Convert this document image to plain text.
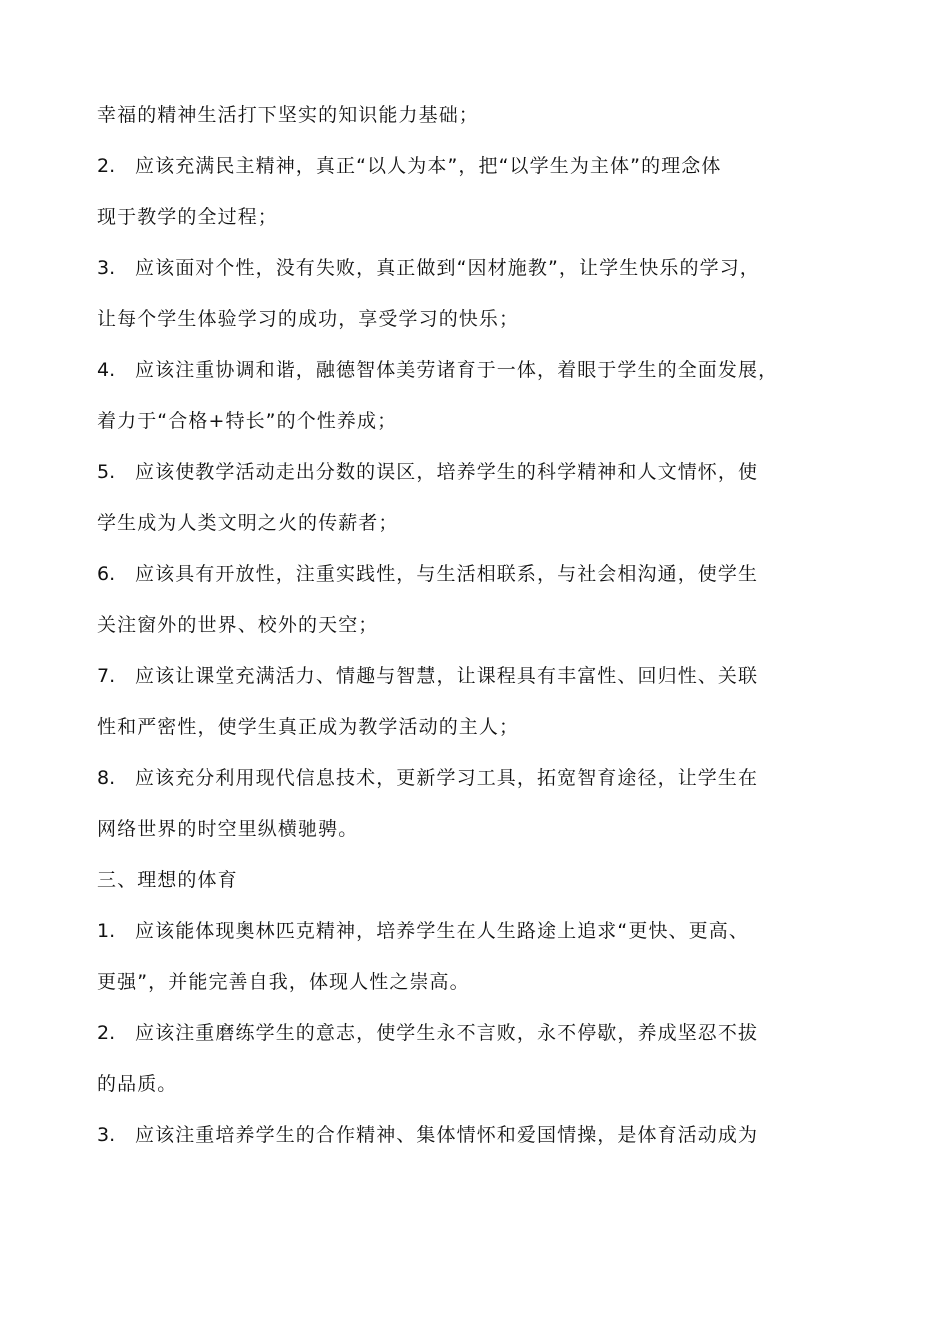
幸福的精神生活打下坚实的知识能力基础；
2. 应该充满民主精神，真正“以人为本”，把“以学生为主体”的理念体
现于教学的全过程；
3. 应该面对个性，没有失败，真正做到“因材施教”，让学生快乐的学习，
让每个学生体验学习的成功，享受学习的快乐；
4. 应该注重协调和谐，融德智体美劳诸育于一体，着眼于学生的全面发展，
着力于“合格+特长”的个性养成；
5. 应该使教学活动走出分数的误区，培养学生的科学精神和人文情怀，使
学生成为人类文明之火的传薪者；
6. 应该具有开放性，注重实践性，与生活相联系，与社会相沟通，使学生
关注窗外的世界、校外的天空；
7. 应该让课堂充满活力、情趣与智慧，让课程具有丰富性、回归性、关联
性和严密性，使学生真正成为教学活动的主人；
8. 应该充分利用现代信息技术，更新学习工具，拓宽智育途径，让学生在
网络世界的时空里纵横驰骋。
三、理想的体育
1. 应该能体现奥林匹克精神，培养学生在人生路途上追求“更快、更高、
更强”，并能完善自我，体现人性之崇高。
2. 应该注重磨练学生的意志，使学生永不言败，永不停歇，养成坚忍不拔
的品质。
3. 应该注重培养学生的合作精神、集体情怀和爱国情操，是体育活动成为
